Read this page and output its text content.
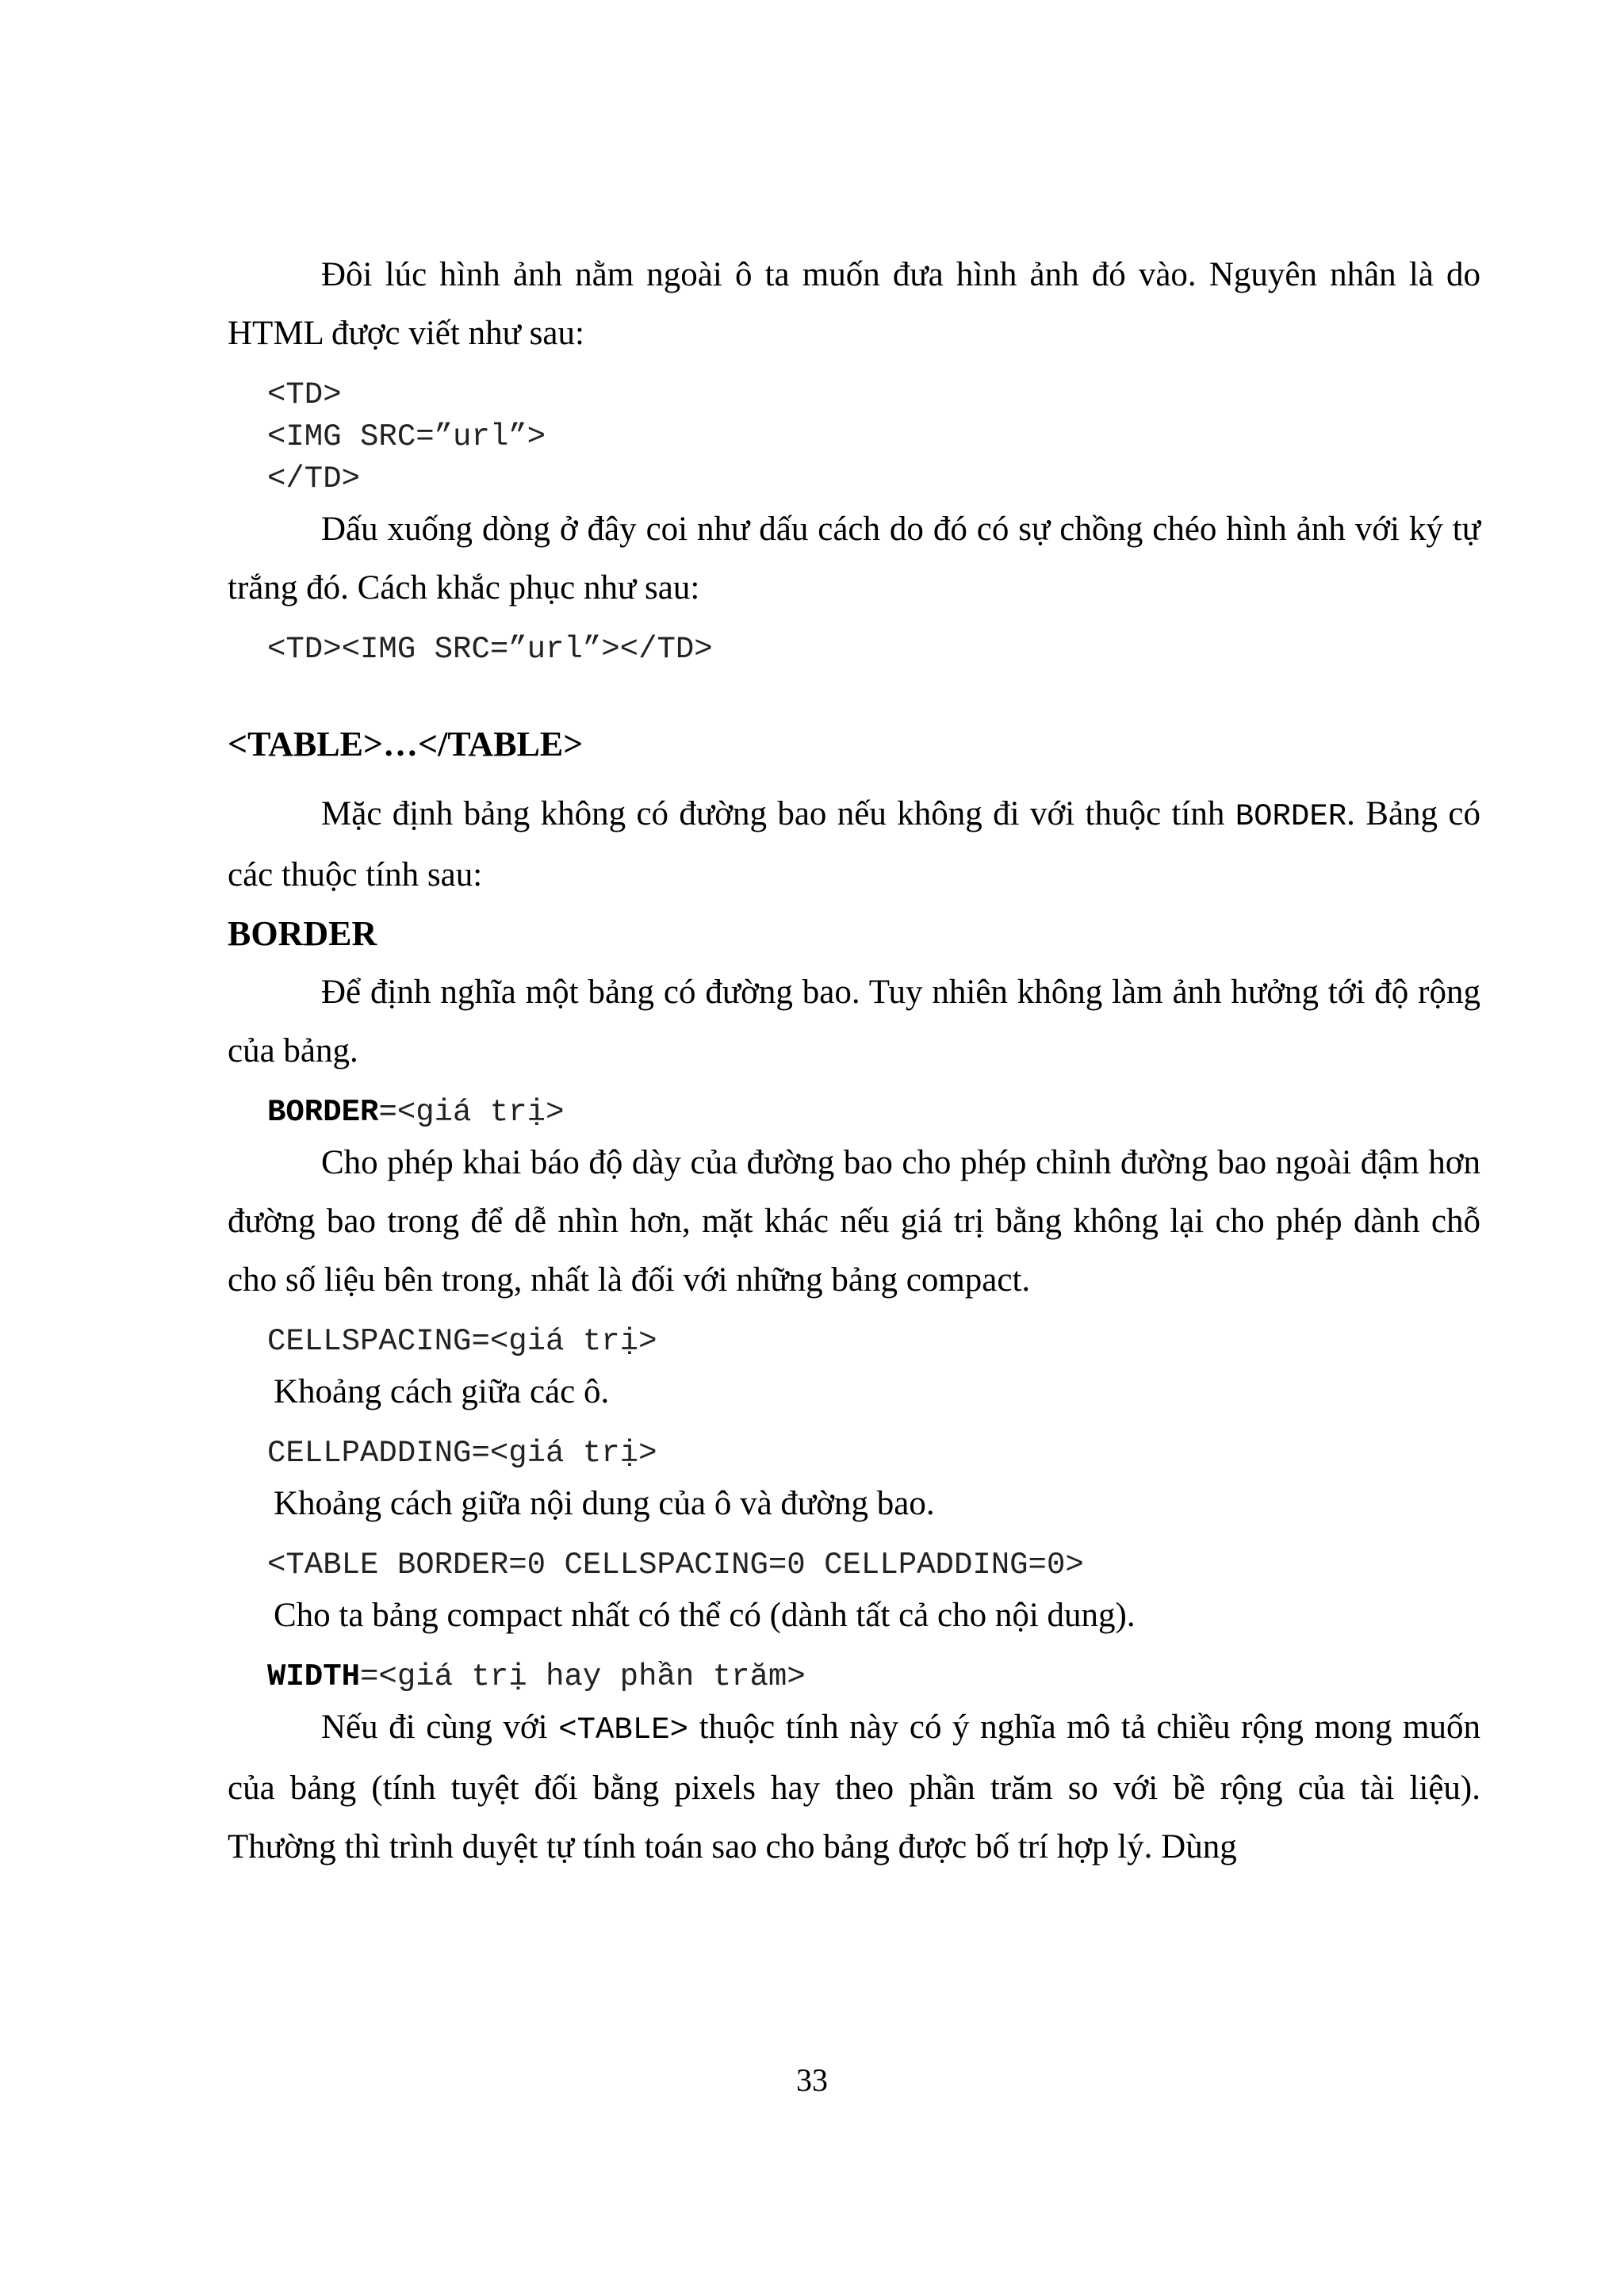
Đôi lúc hình ảnh nằm ngoài ô ta muốn đưa hình ảnh đó vào. Nguyên nhân là do HTML được viết như sau:

<TD>
<IMG SRC=”url”>
</TD>

Dấu xuống dòng ở đây coi như dấu cách do đó có sự chồng chéo hình ảnh với ký tự trắng đó. Cách khắc phục như sau:

<TD><IMG SRC=”url”></TD>

<TABLE>…</TABLE>

Mặc định bảng không có đường bao nếu không đi với thuộc tính BORDER. Bảng có các thuộc tính sau:

BORDER

Để định nghĩa một bảng có đường bao. Tuy nhiên không làm ảnh hưởng tới độ rộng của bảng.

BORDER=<giá trị>

Cho phép khai báo độ dày của đường bao cho phép chỉnh đường bao ngoài đậm hơn đường bao trong để dễ nhìn hơn, mặt khác nếu giá trị bằng không lại cho phép dành chỗ cho số liệu bên trong, nhất là đối với những bảng compact.

CELLSPACING=<giá trị>

Khoảng cách giữa các ô.

CELLPADDING=<giá trị>

Khoảng cách giữa nội dung của ô và đường bao.

<TABLE BORDER=0 CELLSPACING=0 CELLPADDING=0>

Cho ta bảng compact nhất có thể có (dành tất cả cho nội dung).

WIDTH=<giá trị hay phần trăm>

Nếu đi cùng với <TABLE> thuộc tính này có ý nghĩa mô tả chiều rộng mong muốn của bảng (tính tuyệt đối bằng pixels hay theo phần trăm so với bề rộng của tài liệu). Thường thì trình duyệt tự tính toán sao cho bảng được bố trí hợp lý. Dùng

33
